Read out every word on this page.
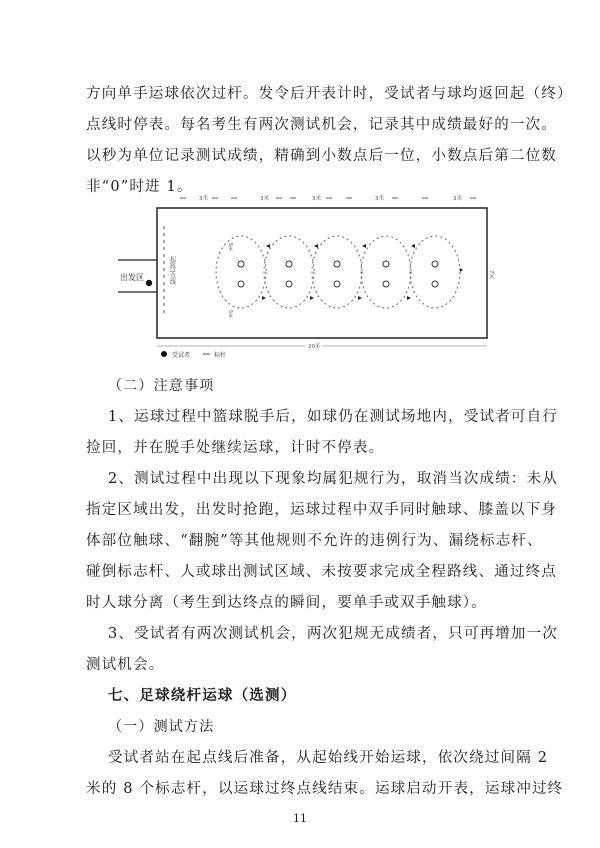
方向单手运球依次过杆。发令后开表计时，受试者与球均返回起（终）
点线时停表。每名考生有两次测试机会，记录其中成绩最好的一次。
以秒为单位记录测试成绩，精确到小数点后一位，小数点后第二位数
非“0”时进 1。
出发区	起(终)点线
3米	3米	3米	3米	3米
5米
5米
7米
20米
受试者	标杆
（二）注意事项
1、运球过程中篮球脱手后，如球仍在测试场地内，受试者可自行
捡回，并在脱手处继续运球，计时不停表。
2、测试过程中出现以下现象均属犯规行为，取消当次成绩：未从
指定区域出发，出发时抢跑，运球过程中双手同时触球、膝盖以下身
体部位触球、“翻腕”等其他规则不允许的违例行为、漏绕标志杆、
碰倒标志杆、人或球出测试区域、未按要求完成全程路线、通过终点
时人球分离（考生到达终点的瞬间，要单手或双手触球）。
3、受试者有两次测试机会，两次犯规无成绩者，只可再增加一次
测试机会。
七、足球绕杆运球（选测）
（一）测试方法
受试者站在起点线后准备，从起始线开始运球，依次绕过间隔 2
米的 8 个标志杆，以运球过终点线结束。运球启动开表，运球冲过终
11
